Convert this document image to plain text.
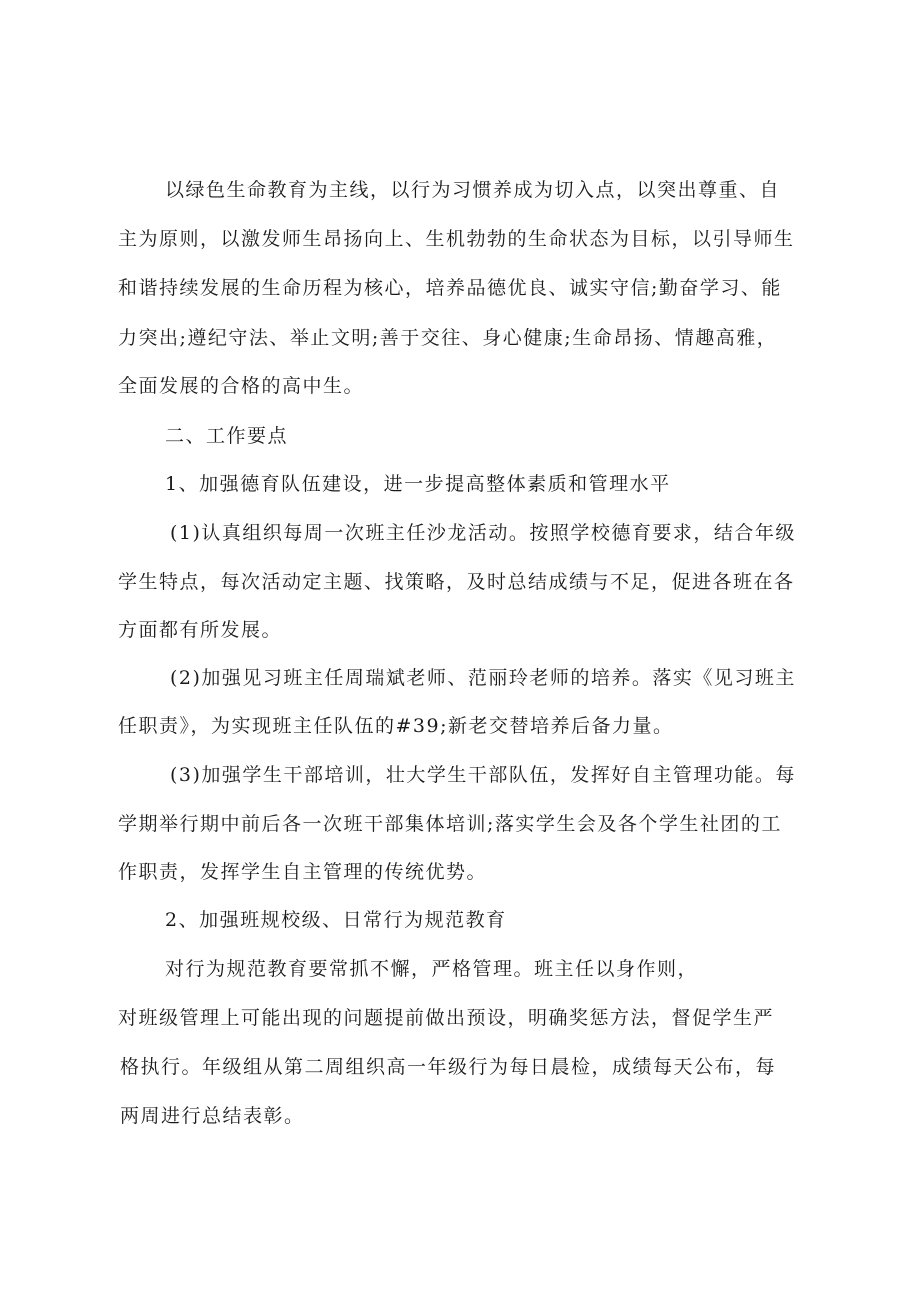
以绿色生命教育为主线，以行为习惯养成为切入点，以突出尊重、自
主为原则，以激发师生昂扬向上、生机勃勃的生命状态为目标，以引导师生
和谐持续发展的生命历程为核心，培养品德优良、诚实守信;勤奋学习、能
力突出;遵纪守法、举止文明;善于交往、身心健康;生命昂扬、情趣高雅，
全面发展的合格的高中生。
二、工作要点
1、加强德育队伍建设，进一步提高整体素质和管理水平
(1)认真组织每周一次班主任沙龙活动。按照学校德育要求，结合年级
学生特点，每次活动定主题、找策略，及时总结成绩与不足，促进各班在各
方面都有所发展。
(2)加强见习班主任周瑞斌老师、范丽玲老师的培养。落实《见习班主
任职责》，为实现班主任队伍的#39;新老交替培养后备力量。
(3)加强学生干部培训，壮大学生干部队伍，发挥好自主管理功能。每
学期举行期中前后各一次班干部集体培训;落实学生会及各个学生社团的工
作职责，发挥学生自主管理的传统优势。
2、加强班规校级、日常行为规范教育
对行为规范教育要常抓不懈，严格管理。班主任以身作则，
对班级管理上可能出现的问题提前做出预设，明确奖惩方法，督促学生严
格执行。年级组从第二周组织高一年级行为每日晨检，成绩每天公布，每
两周进行总结表彰。
